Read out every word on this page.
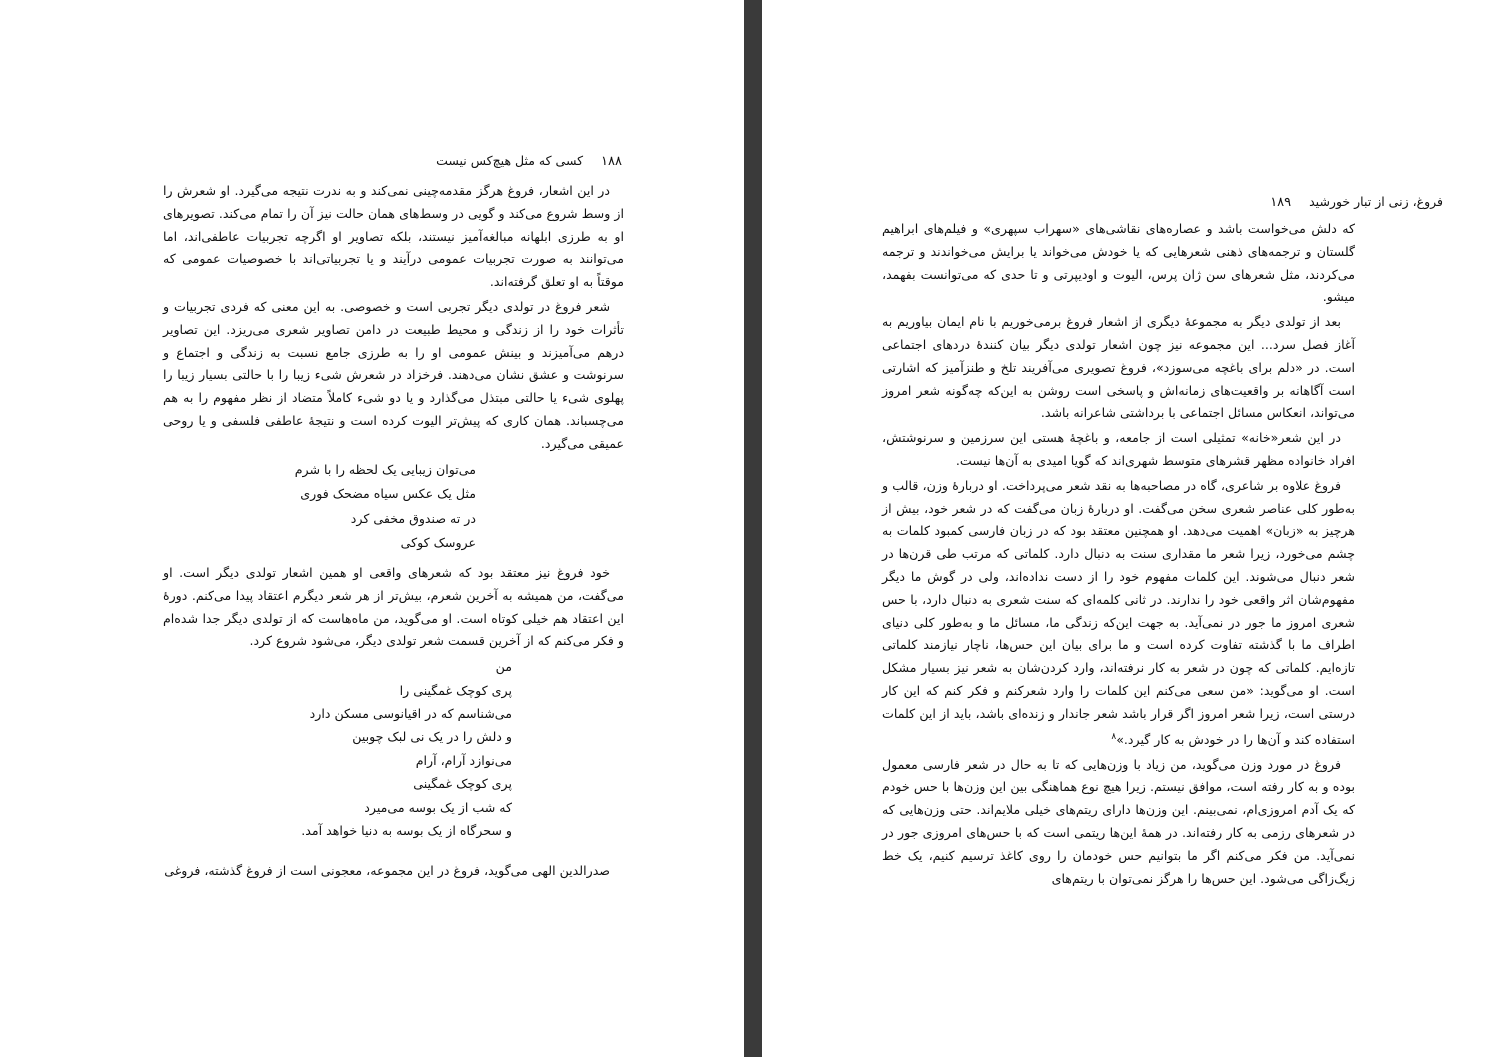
۱۸۸ کسی که مثل هیچ‌کس نیست

در این اشعار، فروغ هرگز مقدمه‌چینی نمی‌کند و به ندرت نتیجه می‌گیرد. او شعرش را از وسط شروع می‌کند و گویی در وسط‌های همان حالت نیز آن را تمام می‌کند. تصویرهای او به طرزی ابلهانه مبالغه‌آمیز نیستند، بلکه تصاویر او اگرچه تجربیات عاطفی‌اند، اما می‌توانند به صورت تجربیات عمومی درآیند و یا تجربیاتی‌اند با خصوصیات عمومی که موقتاً به او تعلق گرفته‌اند.

شعر فروغ در تولدی دیگر تجربی است و خصوصی. به این معنی که فردی تجربیات و تأثرات خود را از زندگی و محیط طبیعت در دامن تصاویر شعری می‌ریزد. این تصاویر درهم می‌آمیزند و بینش عمومی او را به طرزی جامع نسبت به زندگی و اجتماع و سرنوشت و عشق نشان می‌دهند. فرخزاد در شعرش شیء زیبا را با حالتی بسیار زیبا را پهلوی شیء یا حالتی مبتذل می‌گذارد و یا دو شیء کاملاً متضاد از نظر مفهوم را به هم می‌چسباند. همان کاری که پیش‌تر الیوت کرده است و نتیجهٔ عاطفی فلسفی و یا روحی عمیقی می‌گیرد.

می‌توان زیبایی یک لحظه را با شرم
مثل یک عکس سیاه مضحک فوری
در ته صندوق مخفی کرد
عروسک کوکی

خود فروغ نیز معتقد بود که شعرهای واقعی او همین اشعار تولدی دیگر است. او می‌گفت، من همیشه به آخرین شعرم، بیش‌تر از هر شعر دیگرم اعتقاد پیدا می‌کنم. دورهٔ این اعتقاد هم خیلی کوتاه است. او می‌گوید، من ماه‌هاست که از تولدی دیگر جدا شده‌ام و فکر می‌کنم که از آخرین قسمت شعر تولدی دیگر، می‌شود شروع کرد.

من
پری کوچک غمگینی را
می‌شناسم که در اقیانوسی مسکن دارد
و دلش را در یک نی لبک چوبین
می‌نوازد آرام، آرام
پری کوچک غمگینی
که شب از یک بوسه می‌میرد
و سحرگاه از یک بوسه به دنیا خواهد آمد.

صدرالدین الهی می‌گوید، فروغ در این مجموعه، معجونی است از فروغ گذشته، فروغی

فروغ، زنی از تبار خورشید ۱۸۹

که دلش می‌خواست باشد و عصاره‌های نقاشی‌های «سهراب سپهری» و فیلم‌های ابراهیم گلستان و ترجمه‌های ذهنی شعرهایی که یا خودش می‌خواند یا برایش می‌خواندند و ترجمه می‌کردند، مثل شعرهای سن ژان پرس، الیوت و اودیپرتی و تا حدی که می‌توانست بفهمد، میشو.

بعد از تولدی دیگر به مجموعهٔ دیگری از اشعار فروغ برمی‌خوریم با نام ایمان بیاوریم به آغاز فصل سرد... این مجموعه نیز چون اشعار تولدی دیگر بیان کنندهٔ دردهای اجتماعی است. در «دلم برای باغچه می‌سوزد»، فروغ تصویری می‌آفریند تلخ و طنزآمیز که اشارتی است آگاهانه بر واقعیت‌های زمانه‌اش و پاسخی است روشن به این‌که چه‌گونه شعر امروز می‌تواند، انعکاس مسائل اجتماعی با برداشتی شاعرانه باشد.

در این شعر«خانه» تمثیلی است از جامعه، و باغچهٔ هستی این سرزمین و سرنوشتش، افراد خانواده مظهر قشرهای متوسط شهری‌اند که گویا امیدی به آن‌ها نیست.

فروغ علاوه بر شاعری، گاه در مصاحبه‌ها به نقد شعر می‌پرداخت. او دربارهٔ وزن، قالب و به‌طور کلی عناصر شعری سخن می‌گفت. او دربارهٔ زبان می‌گفت که در شعر خود، بیش از هرچیز به «زبان» اهمیت می‌دهد. او همچنین معتقد بود که در زبان فارسی کمبود کلمات به چشم می‌خورد، زیرا شعر ما مقداری سنت به دنبال دارد. کلماتی که مرتب طی قرن‌ها در شعر دنبال می‌شوند. این کلمات مفهوم خود را از دست نداده‌اند، ولی در گوش ما دیگر مفهوم‌شان اثر واقعی خود را ندارند. در ثانی کلمه‌ای که سنت شعری به دنبال دارد، با حس شعری امروز ما جور در نمی‌آید. به جهت این‌که زندگی ما، مسائل ما و به‌طور کلی دنیای اطراف ما با گذشته تفاوت کرده است و ما برای بیان این حس‌ها، ناچار نیازمند کلماتی تازه‌ایم. کلماتی که چون در شعر به کار نرفته‌اند، وارد کردن‌شان به شعر نیز بسیار مشکل است. او می‌گوید: «من سعی می‌کنم این کلمات را وارد شعرکنم و فکر کنم که این کار درستی است، زیرا شعر امروز اگر قرار باشد شعر جاندار و زنده‌ای باشد، باید از این کلمات استفاده کند و آن‌ها را در خودش به کار گیرد.»$^۸$

فروغ در مورد وزن می‌گوید، من زیاد با وزن‌هایی که تا به حال در شعر فارسی معمول بوده و به کار رفته است، موافق نیستم. زیرا هیچ نوع هماهنگی بین این وزن‌ها با حس خودم که یک آدم امروزی‌ام، نمی‌بینم. این وزن‌ها دارای ریتم‌های خیلی ملایم‌اند. حتی وزن‌هایی که در شعرهای رزمی به کار رفته‌اند. در همهٔ این‌ها ریتمی است که با حس‌های امروزی جور در نمی‌آید. من فکر می‌کنم اگر ما بتوانیم حس خودمان را روی کاغذ ترسیم کنیم، یک خط زیگ‌زاگی می‌شود. این حس‌ها را هرگز نمی‌توان با ریتم‌های
